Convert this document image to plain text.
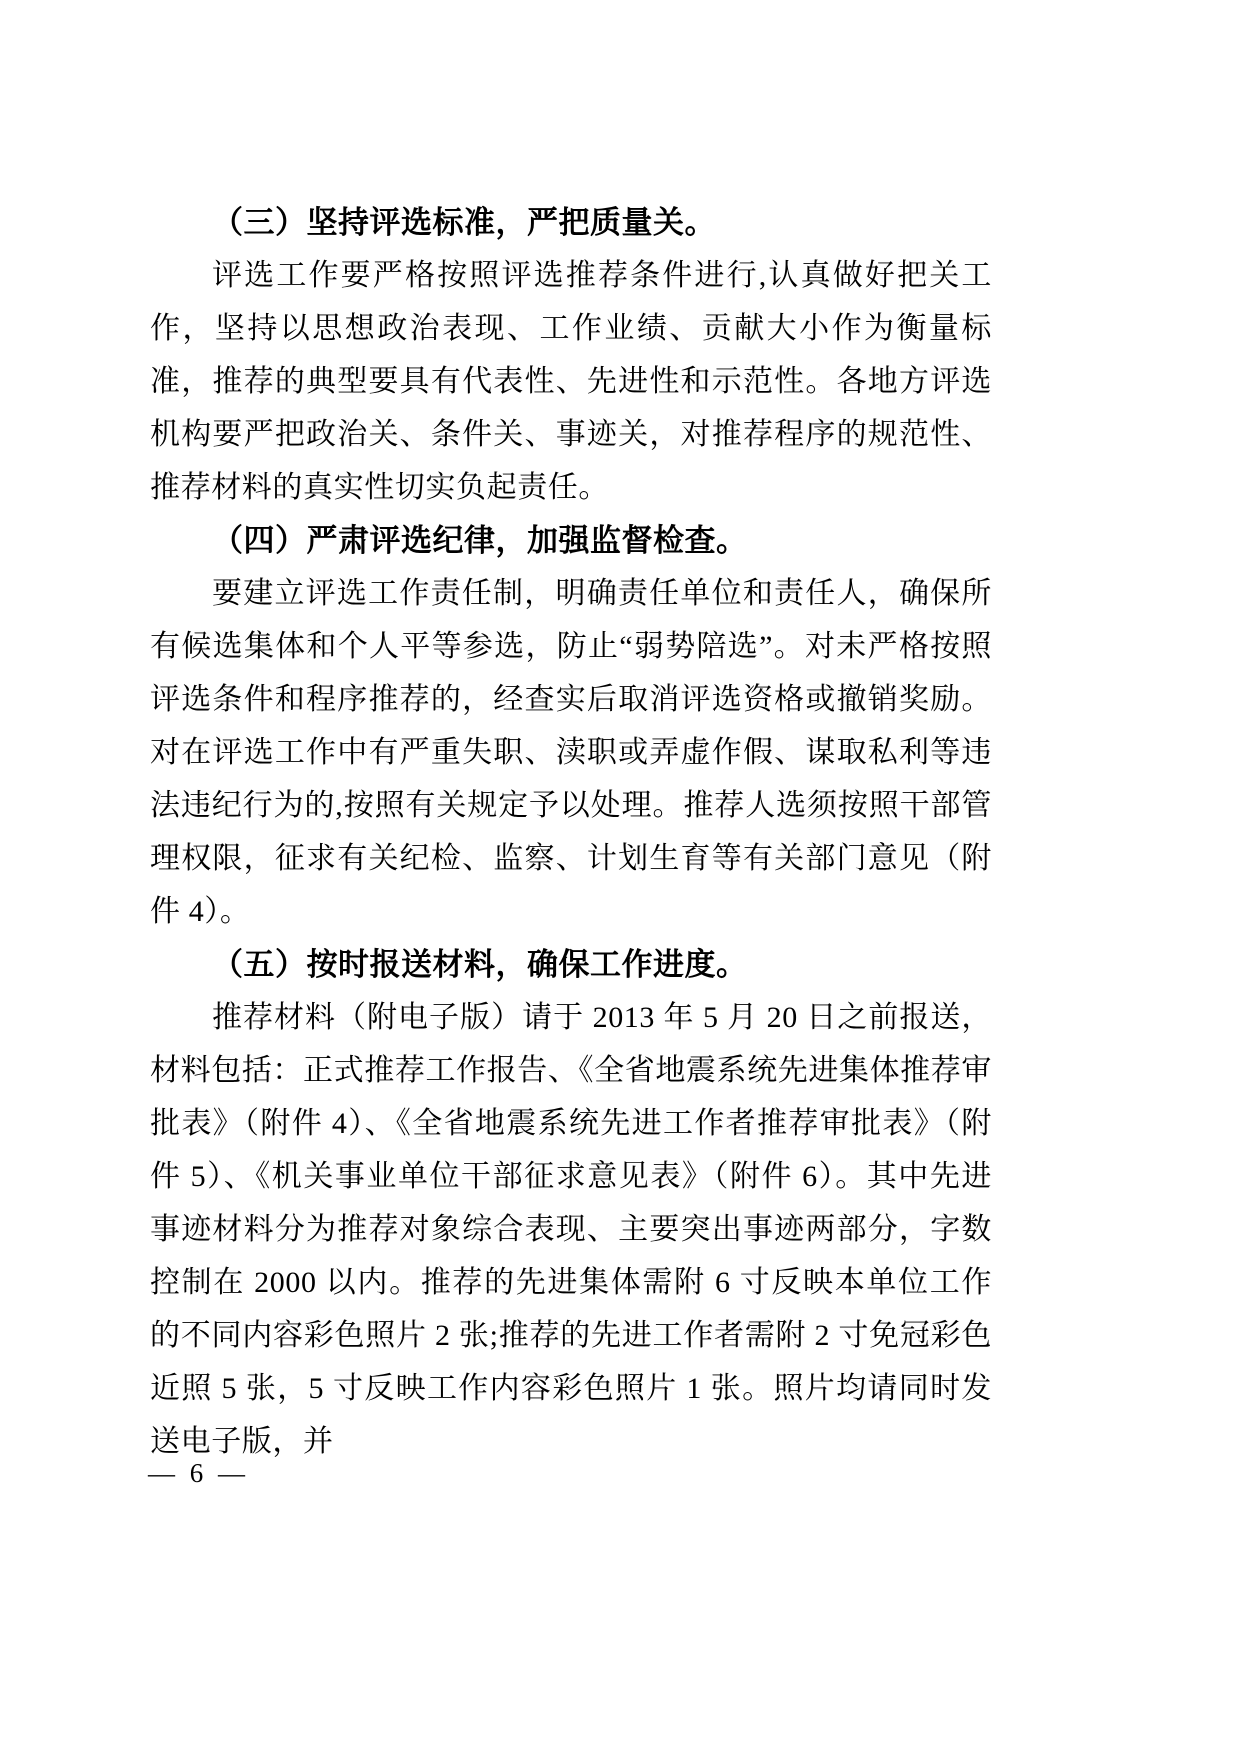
（三）坚持评选标准，严把质量关。

评选工作要严格按照评选推荐条件进行,认真做好把关工作，坚持以思想政治表现、工作业绩、贡献大小作为衡量标准，推荐的典型要具有代表性、先进性和示范性。各地方评选机构要严把政治关、条件关、事迹关，对推荐程序的规范性、推荐材料的真实性切实负起责任。

（四）严肃评选纪律，加强监督检查。

要建立评选工作责任制，明确责任单位和责任人，确保所有候选集体和个人平等参选，防止“弱势陪选”。对未严格按照评选条件和程序推荐的，经查实后取消评选资格或撤销奖励。对在评选工作中有严重失职、渎职或弄虚作假、谋取私利等违法违纪行为的,按照有关规定予以处理。推荐人选须按照干部管理权限，征求有关纪检、监察、计划生育等有关部门意见（附件 4）。

（五）按时报送材料，确保工作进度。

推荐材料（附电子版）请于 2013 年 5 月 20 日之前报送，材料包括：正式推荐工作报告、《全省地震系统先进集体推荐审批表》（附件 4）、《全省地震系统先进工作者推荐审批表》（附件 5）、《机关事业单位干部征求意见表》（附件 6）。其中先进事迹材料分为推荐对象综合表现、主要突出事迹两部分，字数控制在 2000 以内。推荐的先进集体需附 6 寸反映本单位工作的不同内容彩色照片 2 张;推荐的先进工作者需附 2 寸免冠彩色近照 5 张，5 寸反映工作内容彩色照片 1 张。照片均请同时发送电子版，并

— 6 —
